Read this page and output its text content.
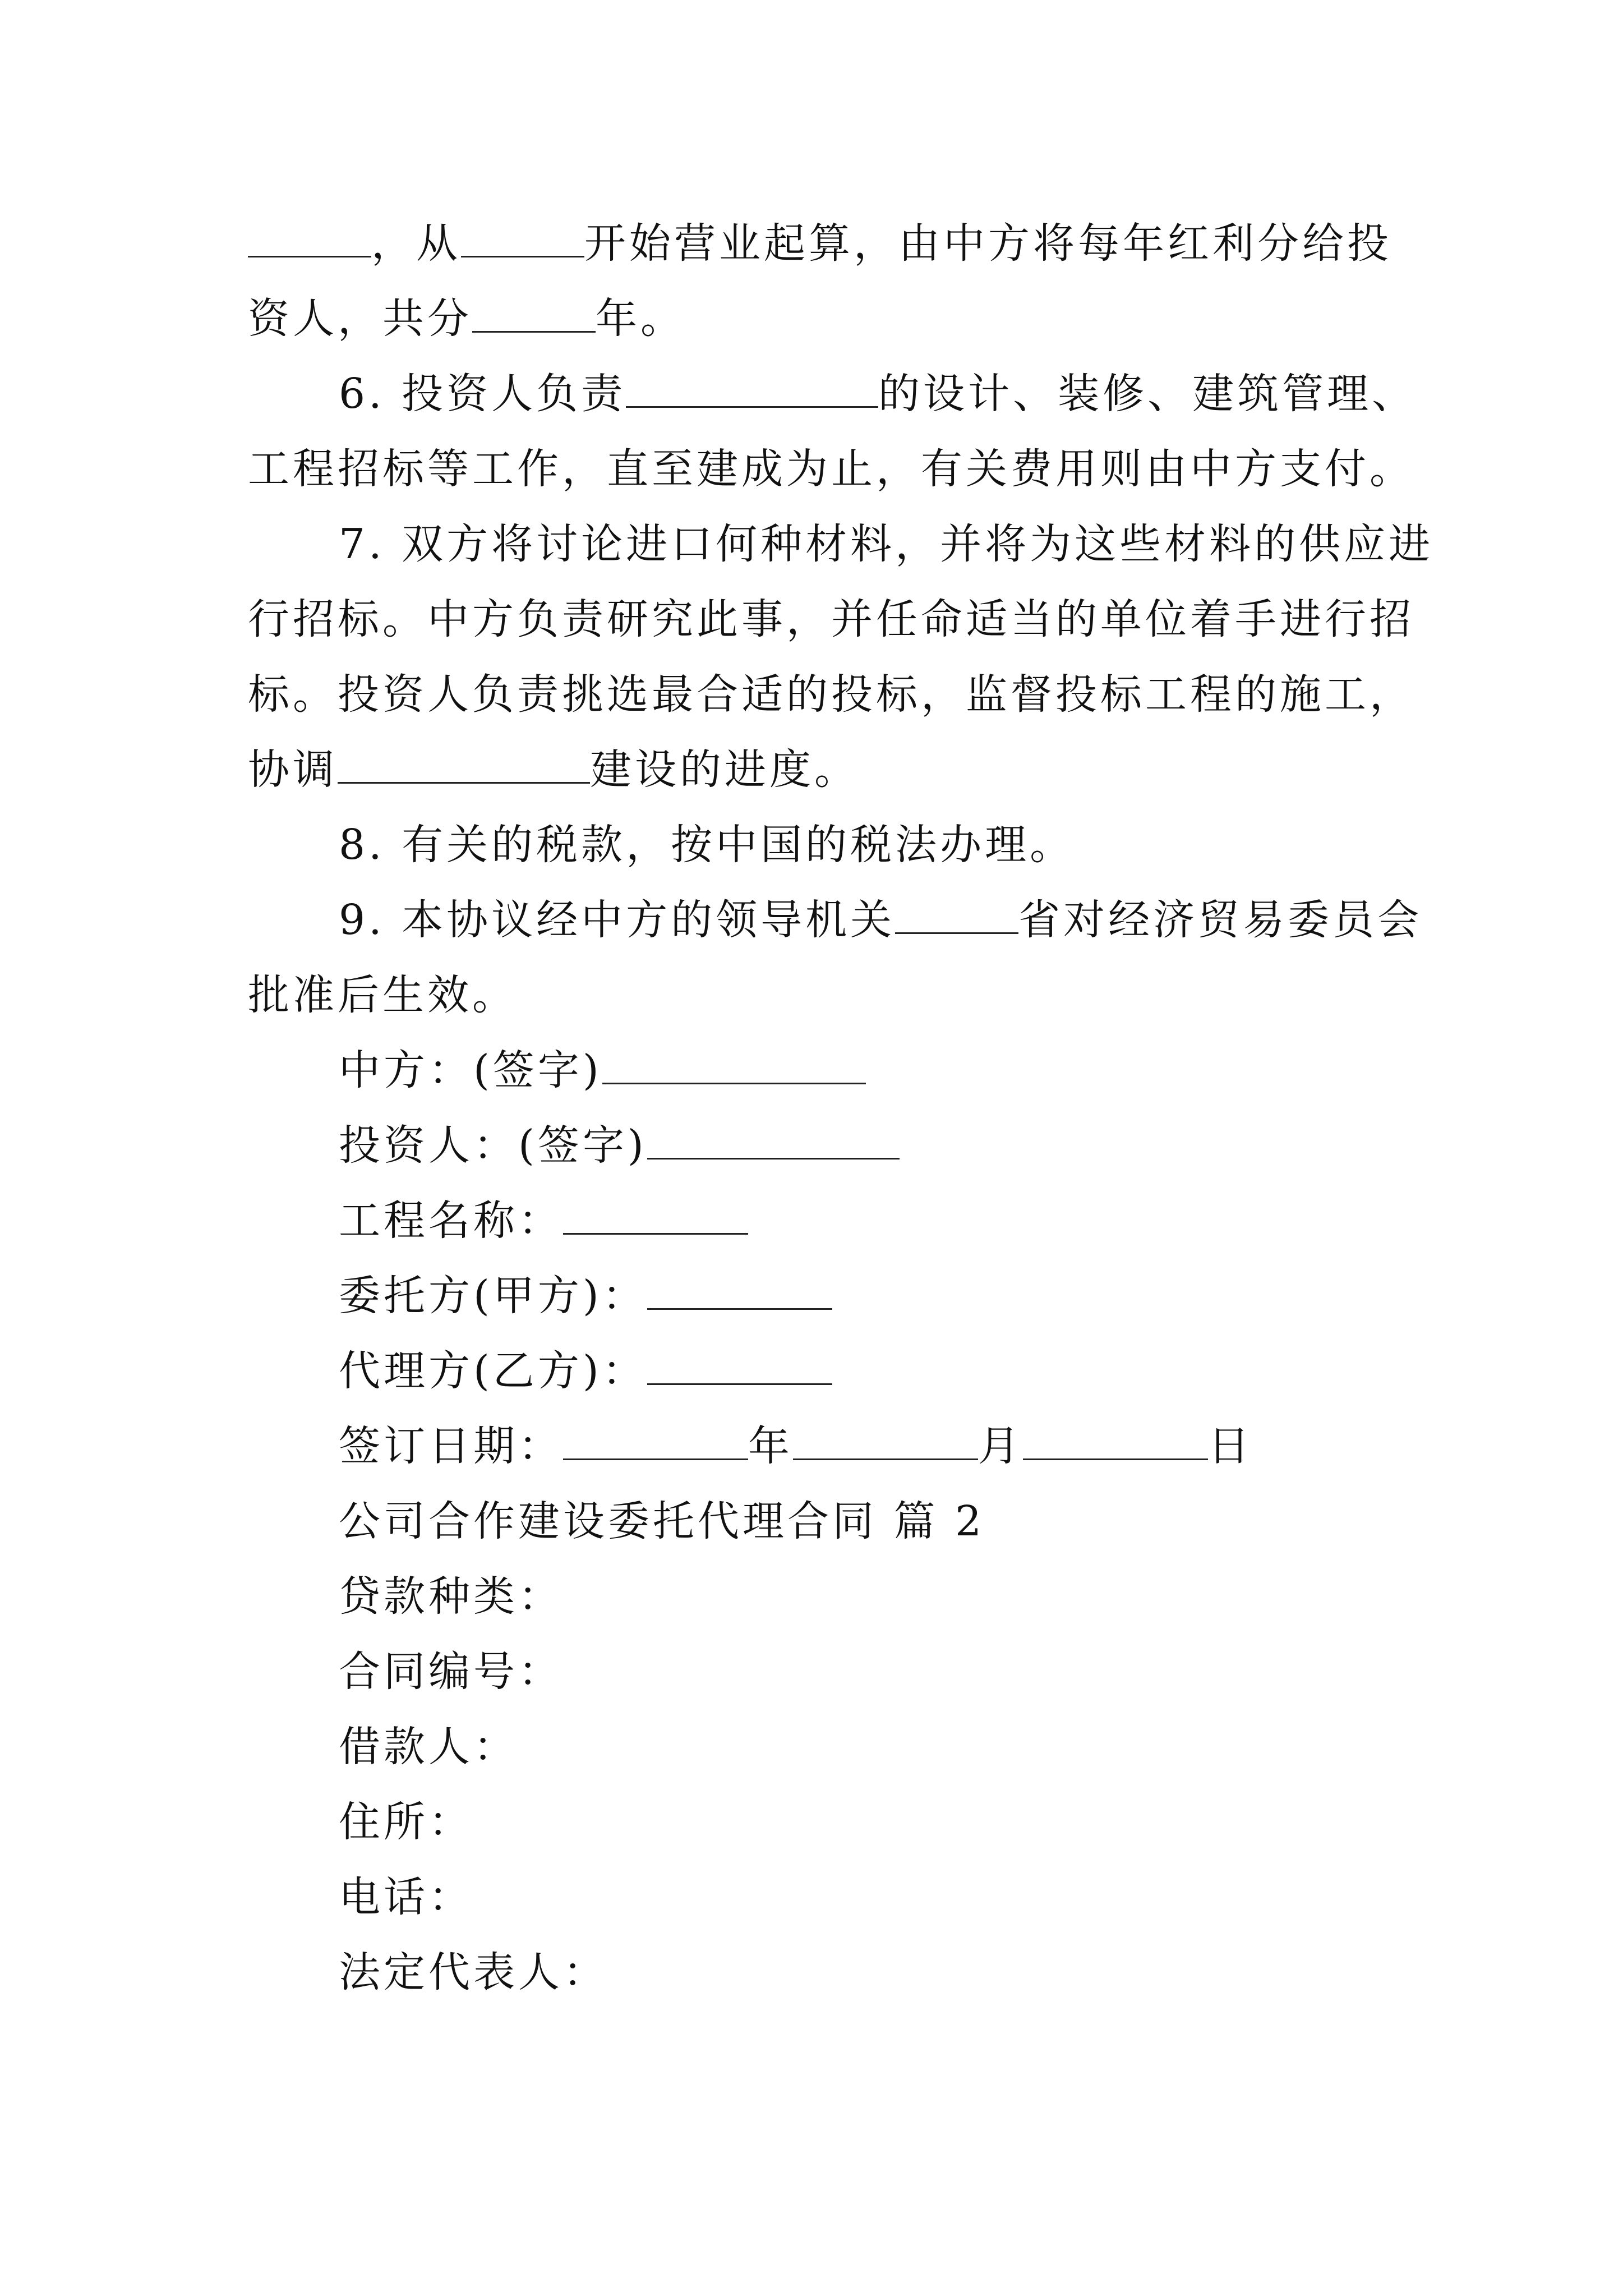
，从	开始营业起算，由中方将每年红利分给投
资人，共分	年。
6. 投资人负责	的设计、装修、建筑管理、
工程招标等工作，直至建成为止，有关费用则由中方支付。
7. 双方将讨论进口何种材料，并将为这些材料的供应进
行招标。中方负责研究此事，并任命适当的单位着手进行招
标。投资人负责挑选最合适的投标，监督投标工程的施工，
协调	建设的进度。
8. 有关的税款，按中国的税法办理。
9. 本协议经中方的领导机关	省对经济贸易委员会
批准后生效。
中方：(签字)
投资人：(签字)
工程名称：
委托方(甲方)：
代理方(乙方)：
签订日期：	年	月	日
公司合作建设委托代理合同 篇 2
贷款种类：
合同编号：
借款人：
住所：
电话：
法定代表人：
